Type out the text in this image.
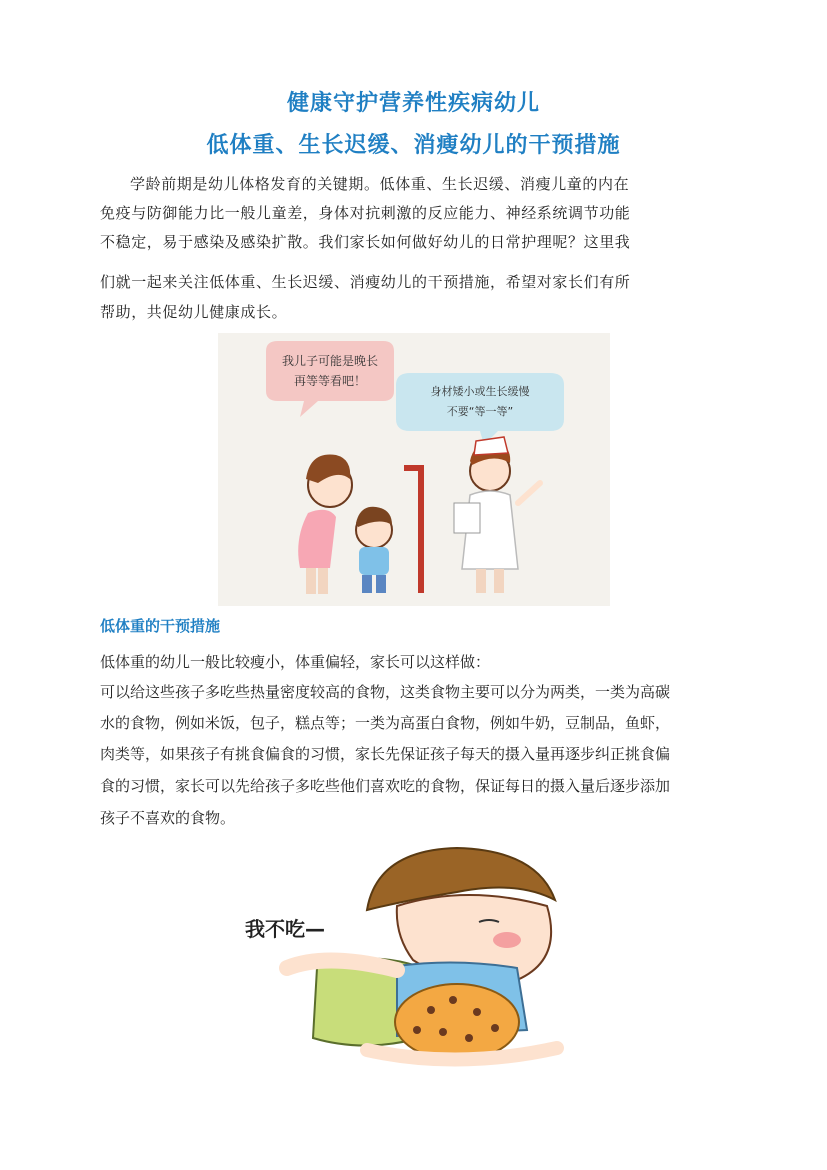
健康守护营养性疾病幼儿
低体重、生长迟缓、消瘦幼儿的干预措施
学龄前期是幼儿体格发育的关键期。低体重、生长迟缓、消瘦儿童的内在
免疫与防御能力比一般儿童差，身体对抗刺激的反应能力、神经系统调节功能
不稳定，易于感染及感染扩散。我们家长如何做好幼儿的日常护理呢？这里我
们就一起来关注低体重、生长迟缓、消瘦幼儿的干预措施，希望对家长们有所
帮助，共促幼儿健康成长。
我儿子可能是晚长
再等等看吧！
身材矮小或生长缓慢
不要“等一等”
低体重的干预措施
低体重的幼儿一般比较瘦小，体重偏轻，家长可以这样做：
可以给这些孩子多吃些热量密度较高的食物，这类食物主要可以分为两类，一类为高碳
水的食物，例如米饭，包子，糕点等；一类为高蛋白食物，例如牛奶，豆制品，鱼虾，
肉类等，如果孩子有挑食偏食的习惯，家长先保证孩子每天的摄入量再逐步纠正挑食偏
食的习惯，家长可以先给孩子多吃些他们喜欢吃的食物，保证每日的摄入量后逐步添加
孩子不喜欢的食物。
我不吃—
